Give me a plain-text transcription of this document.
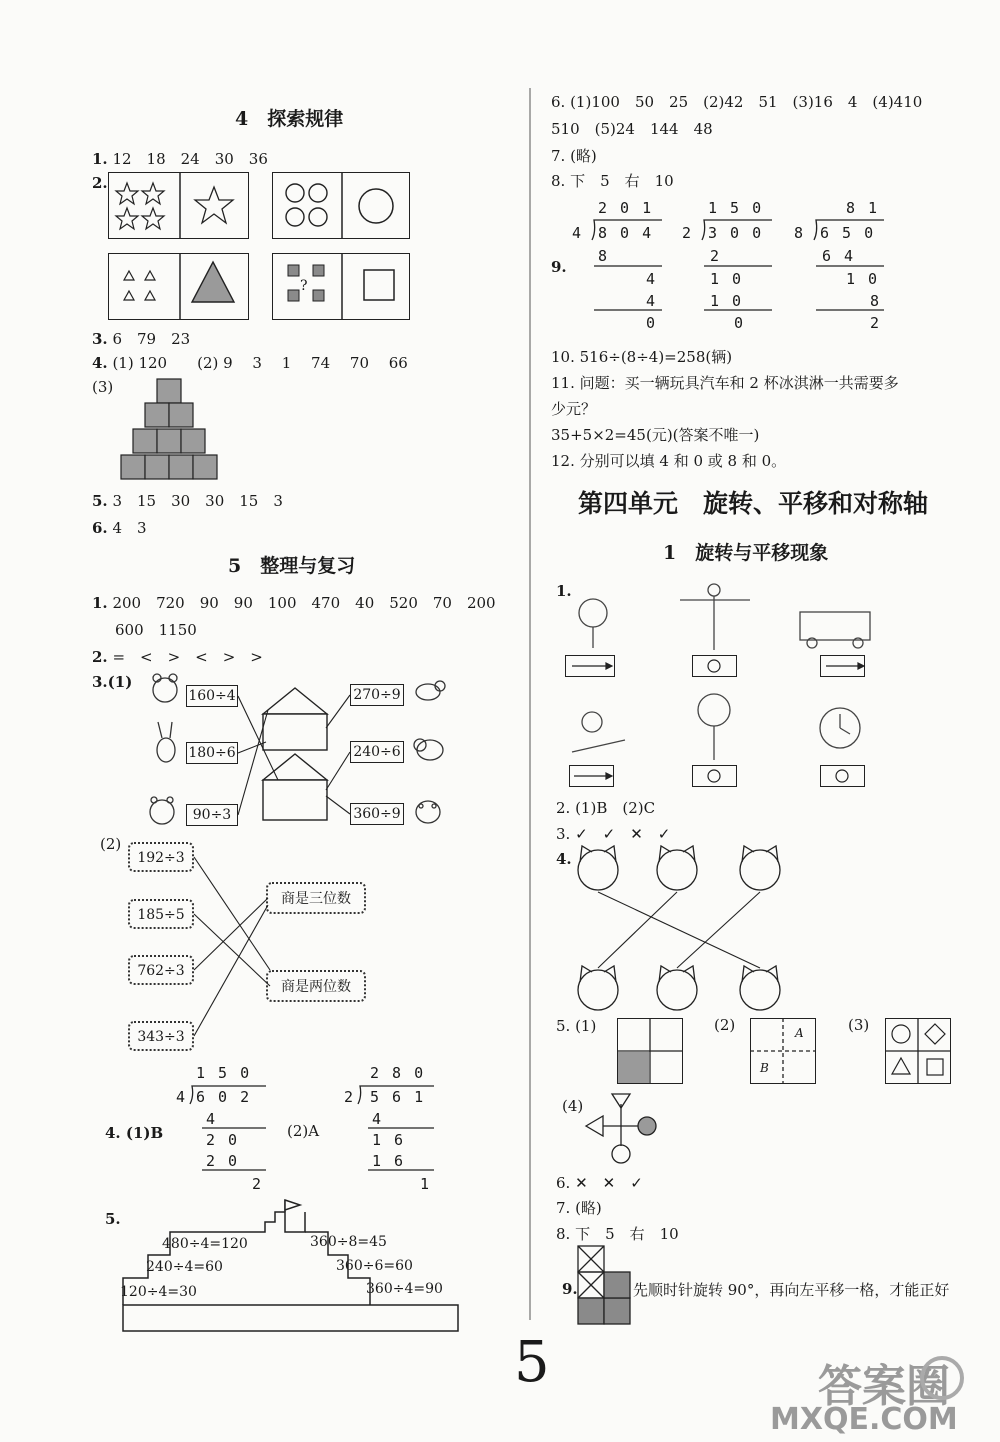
4　探索规律
1. 12　18　24　30　36
2.
?
3. 6　79　23
4. (1) 120　　(2) 9　 3　 1　 74　 70　 66
(3)
5. 3　15　30　30　15　3
6. 4　3
5　整理与复习
1. 200　720　90　90　100　470　40　520　70　200
600　1150
2. =　<　>　<　>　>
3.(1)
160÷4
180÷6
90÷3
270÷9
240÷6
360÷9
(2)
192÷3
185÷5
762÷3
343÷3
商是三位数
商是两位数
1 5 0
4 6 0 2
4
2 0
2 0
2
4. (1)B	(2)A
2 8 0
2 5 6 1
4
1 6
1 6
1
5.
480÷4=120	360÷8=45
240÷4=60	360÷6=60
120÷4=30	360÷4=90
6. (1)100　50　25　(2)42　51　(3)16　4　(4)410
510　(5)24　144　48
7. (略)
8. 下　5　右　10
9.
2 0 1
4 8 0 4
8
4
4
0
1 5 0
2 3 0 0
2
1 0
1 0
0
8 1
8 6 5 0
6 4
1 0
8
2
10. 516÷(8÷4)=258(辆)
11. 问题：买一辆玩具汽车和 2 杯冰淇淋一共需要多
少元？
35+5×2=45(元)(答案不唯一)
12. 分别可以填 4 和 0 或 8 和 0。
第四单元　旋转、平移和对称轴
1　旋转与平移现象
1.
2. (1)B　(2)C
3. ✓　✓　✕　✓
4.
5. (1)	(2)	(3)
A
B
(4)
6. ✕　✕　✓
7. (略)
8. 下　5　右　10
9.	先顺时针旋转 90°，再向左平移一格，才能正好
5	答案圈
MXQE.COM
